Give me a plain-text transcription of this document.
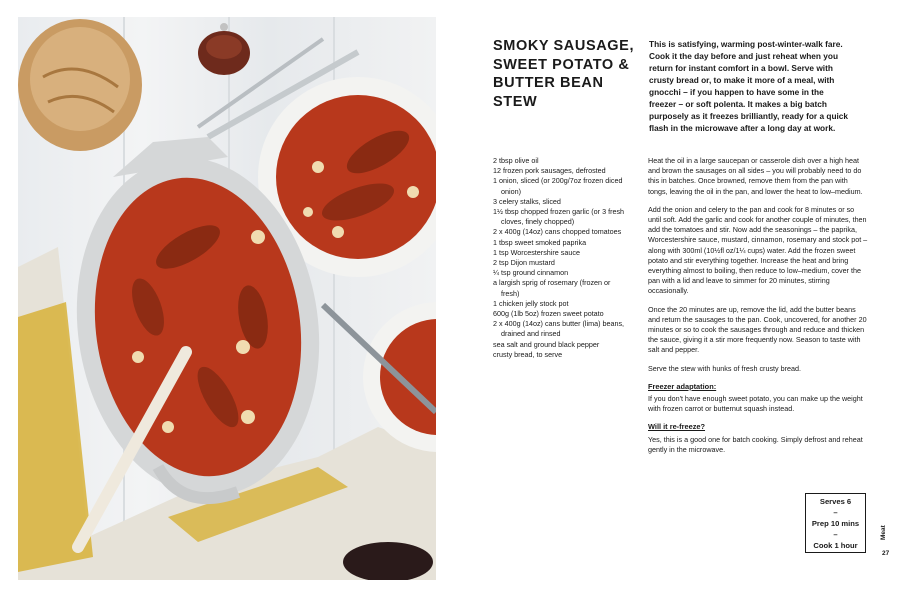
SMOKY SAUSAGE, SWEET POTATO & BUTTER BEAN STEW
This is satisfying, warming post-winter-walk fare. Cook it the day before and just reheat when you return for instant comfort in a bowl. Serve with crusty bread or, to make it more of a meal, with gnocchi – if you happen to have some in the freezer – or soft polenta. It makes a big batch purposely as it freezes brilliantly, ready for a quick flash in the microwave after a long day at work.
2 tbsp olive oil
12 frozen pork sausages, defrosted
1 onion, sliced (or 200g/7oz frozen diced onion)
3 celery stalks, sliced
1½ tbsp chopped frozen garlic (or 3 fresh cloves, finely chopped)
2 x 400g (14oz) cans chopped tomatoes
1 tbsp sweet smoked paprika
1 tsp Worcestershire sauce
2 tsp Dijon mustard
¼ tsp ground cinnamon
a largish sprig of rosemary (frozen or fresh)
1 chicken jelly stock pot
600g (1lb 5oz) frozen sweet potato
2 x 400g (14oz) cans butter (lima) beans, drained and rinsed
sea salt and ground black pepper
crusty bread, to serve

Heat the oil in a large saucepan or casserole dish over a high heat and brown the sausages on all sides – you will probably need to do this in batches. Once browned, remove them from the pan with tongs, leaving the oil in the pan, and lower the heat to low–medium.

Add the onion and celery to the pan and cook for 8 minutes or so until soft. Add the garlic and cook for another couple of minutes, then add the tomatoes and stir. Now add the seasonings – the paprika, Worcestershire sauce, mustard, cinnamon, rosemary and stock pot – along with 300ml (10½fl oz/1¼ cups) water. Add the frozen sweet potato and stir everything together. Increase the heat and bring everything almost to boiling, then reduce to low–medium, cover the pan with a lid and leave to simmer for 20 minutes, stirring occasionally.

Once the 20 minutes are up, remove the lid, add the butter beans and return the sausages to the pan. Cook, uncovered, for another 20 minutes or so to cook the sausages through and reduce and thicken the sauce, giving it a stir more frequently now. Season to taste with salt and pepper.

Serve the stew with hunks of fresh crusty bread.

Freezer adaptation:

If you don't have enough sweet potato, you can make up the weight with frozen carrot or butternut squash instead.

Will it re-freeze?

Yes, this is a good one for batch cooking. Simply defrost and reheat gently in the microwave.

Serves 6
–
Prep 10 mins
–
Cook 1 hour
Meat
27
